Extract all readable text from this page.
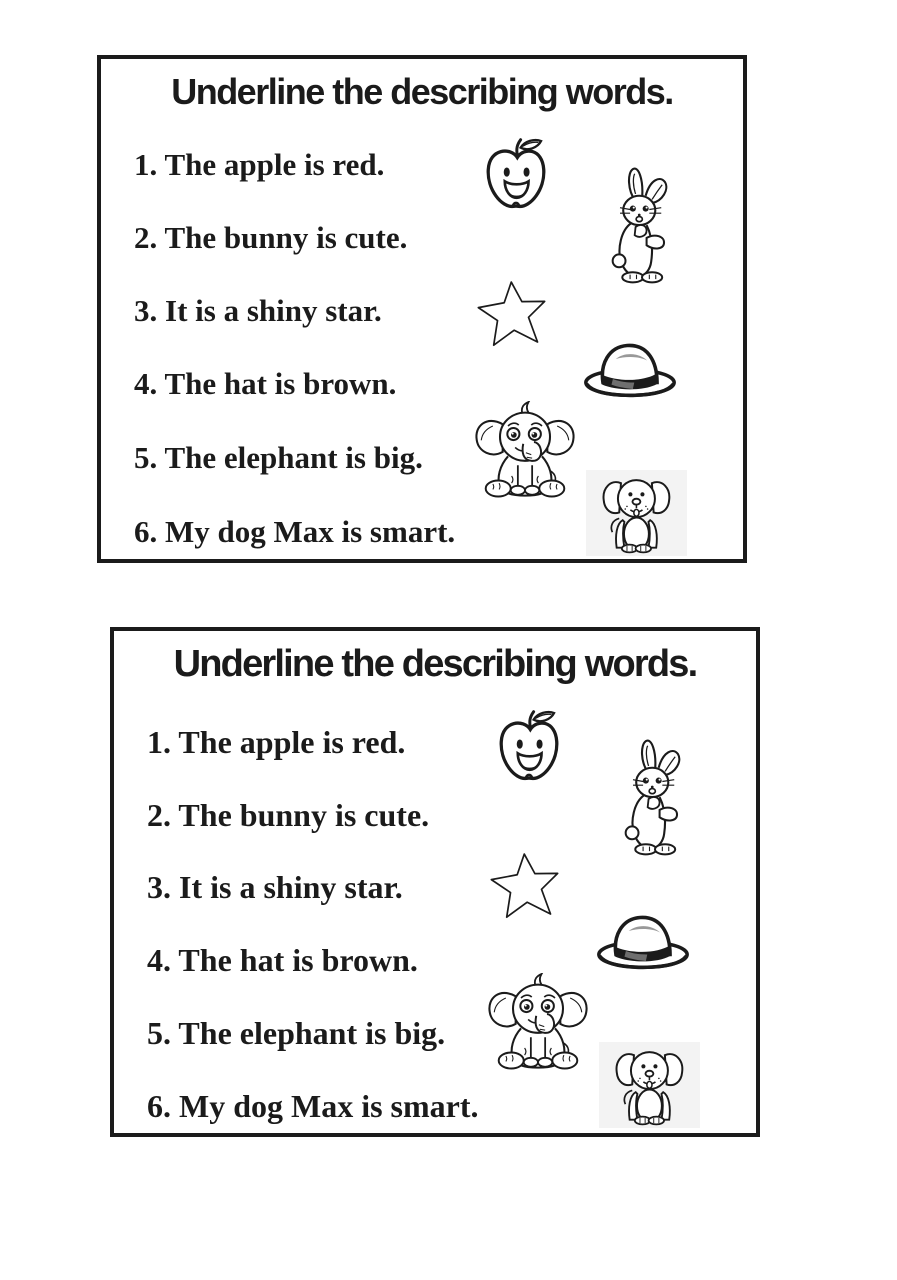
Underline the describing words.
1. The apple is red.
2. The bunny is cute.
3. It is a shiny star.
4. The hat is brown.
5. The elephant is big.
6. My dog Max is smart.
Underline the describing words.
1. The apple is red.
2. The bunny is cute.
3. It is a shiny star.
4. The hat is brown.
5. The elephant is big.
6. My dog Max is smart.
